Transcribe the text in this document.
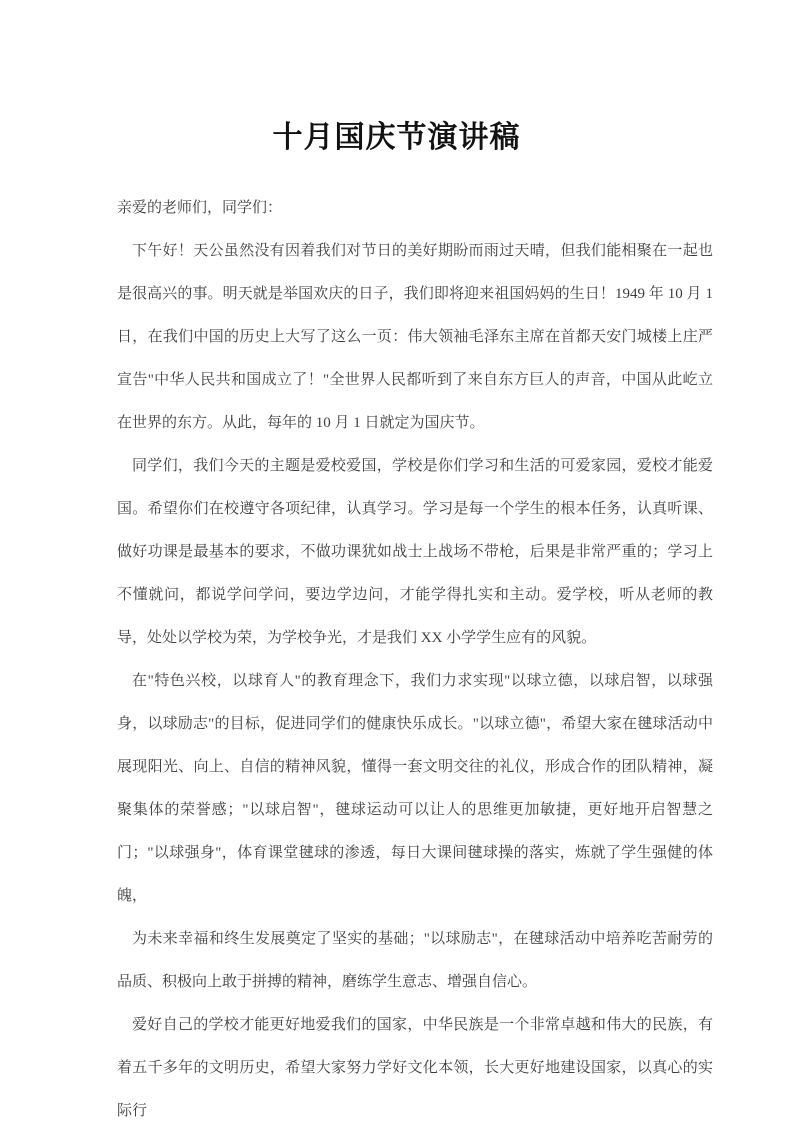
十月国庆节演讲稿

亲爱的老师们，同学们：

下午好！天公虽然没有因着我们对节日的美好期盼而雨过天晴，但我们能相聚在一起也是很高兴的事。明天就是举国欢庆的日子，我们即将迎来祖国妈妈的生日！1949 年 10 月 1 日，在我们中国的历史上大写了这么一页：伟大领袖毛泽东主席在首都天安门城楼上庄严宣告"中华人民共和国成立了！"全世界人民都听到了来自东方巨人的声音，中国从此屹立在世界的东方。从此，每年的 10 月 1 日就定为国庆节。

同学们，我们今天的主题是爱校爱国，学校是你们学习和生活的可爱家园，爱校才能爱国。希望你们在校遵守各项纪律，认真学习。学习是每一个学生的根本任务，认真听课、做好功课是最基本的要求，不做功课犹如战士上战场不带枪，后果是非常严重的；学习上不懂就问，都说学问学问，要边学边问，才能学得扎实和主动。爱学校，听从老师的教导，处处以学校为荣，为学校争光，才是我们 XX 小学学生应有的风貌。

在"特色兴校，以球育人"的教育理念下，我们力求实现"以球立德，以球启智，以球强身，以球励志"的目标，促进同学们的健康快乐成长。"以球立德"，希望大家在毽球活动中展现阳光、向上、自信的精神风貌，懂得一套文明交往的礼仪，形成合作的团队精神，凝聚集体的荣誉感；"以球启智"，毽球运动可以让人的思维更加敏捷，更好地开启智慧之门；"以球强身"，体育课堂毽球的渗透，每日大课间毽球操的落实，炼就了学生强健的体魄，

为未来幸福和终生发展奠定了坚实的基础；"以球励志"，在毽球活动中培养吃苦耐劳的品质、积极向上敢于拼搏的精神，磨练学生意志、增强自信心。

爱好自己的学校才能更好地爱我们的国家，中华民族是一个非常卓越和伟大的民族，有着五千多年的文明历史，希望大家努力学好文化本领，长大更好地建设国家，以真心的实际行
